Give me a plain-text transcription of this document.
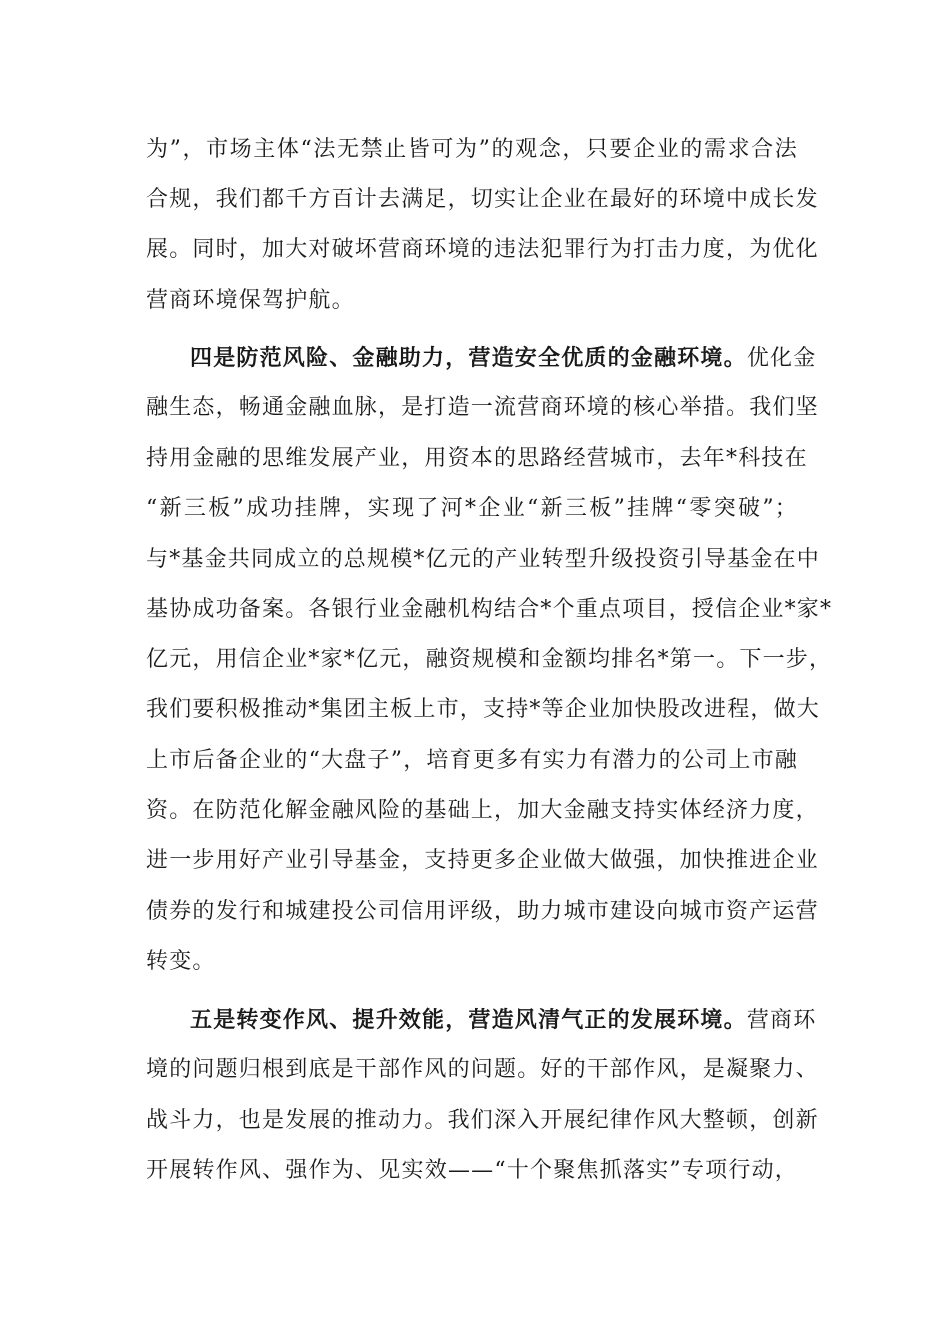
为”，市场主体“法无禁止皆可为”的观念，只要企业的需求合法
合规，我们都千方百计去满足，切实让企业在最好的环境中成长发
展。同时，加大对破坏营商环境的违法犯罪行为打击力度，为优化
营商环境保驾护航。
四是防范风险、金融助力，营造安全优质的金融环境。优化金
融生态，畅通金融血脉，是打造一流营商环境的核心举措。我们坚
持用金融的思维发展产业，用资本的思路经营城市，去年*科技在
“新三板”成功挂牌，实现了河*企业“新三板”挂牌“零突破”；
与*基金共同成立的总规模*亿元的产业转型升级投资引导基金在中
基协成功备案。各银行业金融机构结合*个重点项目，授信企业*家*
亿元，用信企业*家*亿元，融资规模和金额均排名*第一。下一步，
我们要积极推动*集团主板上市，支持*等企业加快股改进程，做大
上市后备企业的“大盘子”，培育更多有实力有潜力的公司上市融
资。在防范化解金融风险的基础上，加大金融支持实体经济力度，
进一步用好产业引导基金，支持更多企业做大做强，加快推进企业
债券的发行和城建投公司信用评级，助力城市建设向城市资产运营
转变。
五是转变作风、提升效能，营造风清气正的发展环境。营商环
境的问题归根到底是干部作风的问题。好的干部作风，是凝聚力、
战斗力，也是发展的推动力。我们深入开展纪律作风大整顿，创新
开展转作风、强作为、见实效——“十个聚焦抓落实”专项行动，
